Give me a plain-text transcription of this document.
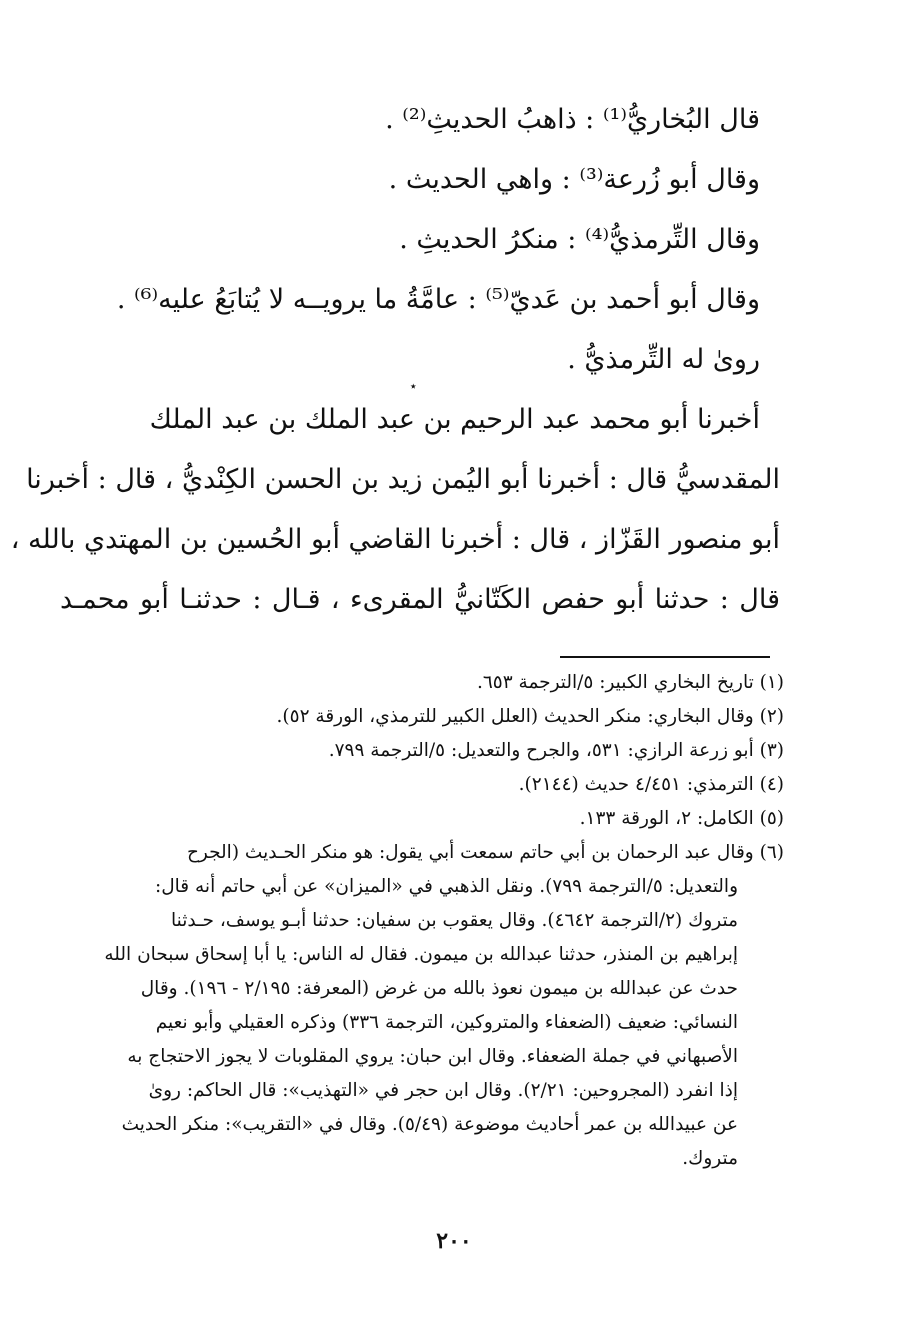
قال البُخاريُّ⁽¹⁾ : ذاهبُ الحديثِ⁽²⁾ .
وقال أبو زُرعة⁽³⁾ : واهي الحديث .
وقال التِّرمذيُّ⁽⁴⁾ : منكرُ الحديثِ .
وقال أبو أحمد بن عَديّ⁽⁵⁾ : عامَّةُ ما يرويــه لا يُتابَعُ عليه⁽⁶⁾ .
روىٰ له التِّرمذيُّ .
أخبرنا أبو محمد عبد الرحيم بن عبد الملك بن عبد الملك
المقدسيُّ قال : أخبرنا أبو اليُمن زيد بن الحسن الكِنْديُّ ، قال : أخبرنا
أبو منصور القَزّاز ، قال : أخبرنا القاضي أبو الحُسين بن المهتدي بالله ،
قال : حدثنا أبو حفص الكَتّانيُّ المقرىء ، قـال : حدثنـا أبو محمـد
٭
(١) تاريخ البخاري الكبير: ٥/الترجمة ٦٥٣.
(٢) وقال البخاري: منكر الحديث (العلل الكبير للترمذي، الورقة ٥٢).
(٣) أبو زرعة الرازي: ٥٣١، والجرح والتعديل: ٥/الترجمة ٧٩٩.
(٤) الترمذي: ٤/٤٥١ حديث (٢١٤٤).
(٥) الكامل: ٢، الورقة ١٣٣.
(٦) وقال عبد الرحمان بن أبي حاتم سمعت أبي يقول: هو منكر الحـديث (الجرح
والتعديل: ٥/الترجمة ٧٩٩). ونقل الذهبي في «الميزان» عن أبي حاتم أنه قال:
متروك (٢/الترجمة ٤٦٤٢). وقال يعقوب بن سفيان: حدثنا أبـو يوسف، حـدثنا
إبراهيم بن المنذر، حدثنا عبدالله بن ميمون. فقال له الناس: يا أبا إسحاق سبحان الله
حدث عن عبدالله بن ميمون نعوذ بالله من غرض (المعرفة: ٢/١٩٥ - ١٩٦). وقال
النسائي: ضعيف (الضعفاء والمتروكين، الترجمة ٣٣٦) وذكره العقيلي وأبو نعيم
الأصبهاني في جملة الضعفاء. وقال ابن حبان: يروي المقلوبات لا يجوز الاحتجاج به
إذا انفرد (المجروحين: ٢/٢١). وقال ابن حجر في «التهذيب»: قال الحاكم: روىٰ
عن عبيدالله بن عمر أحاديث موضوعة (٥/٤٩). وقال في «التقريب»: منكر الحديث
متروك.
٢٠٠
